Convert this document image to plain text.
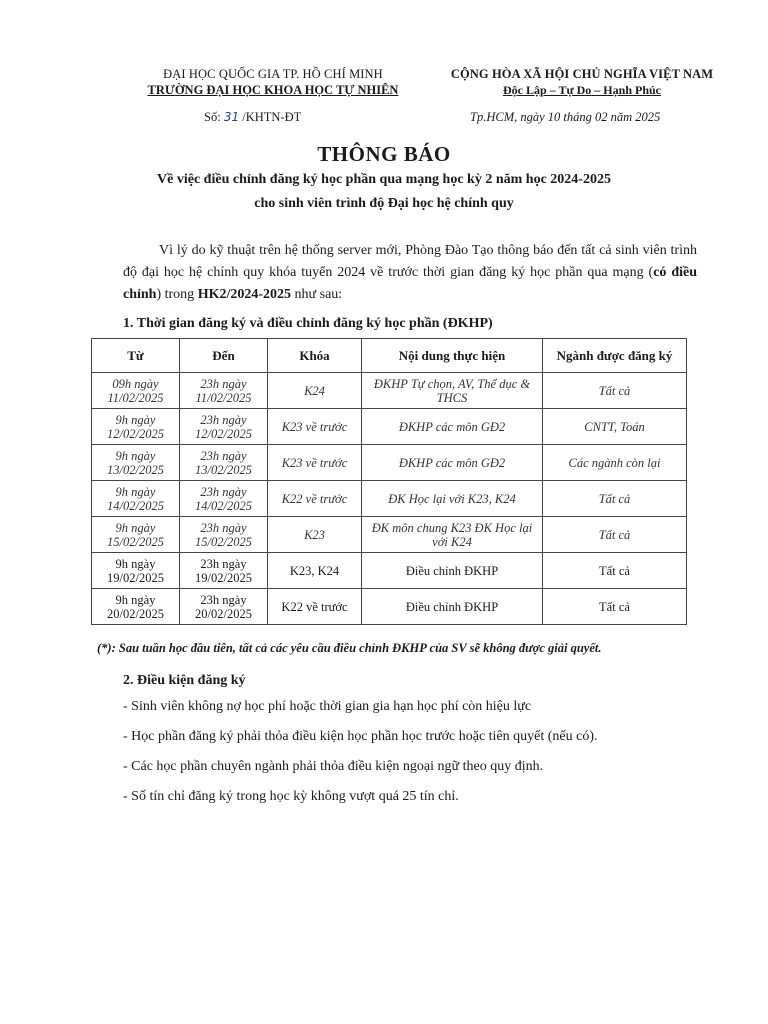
ĐẠI HỌC QUỐC GIA TP. HỒ CHÍ MINH
TRƯỜNG ĐẠI HỌC KHOA HỌC TỰ NHIÊN
CỘNG HÒA XÃ HỘI CHỦ NGHĨA VIỆT NAM
Độc Lập – Tự Do – Hạnh Phúc
Số: 31 /KHTN-ĐT	Tp.HCM, ngày 10 tháng 02 năm 2025
THÔNG BÁO
Về việc điều chỉnh đăng ký học phần qua mạng học kỳ 2 năm học 2024-2025
cho sinh viên trình độ Đại học hệ chính quy
Vì lý do kỹ thuật trên hệ thống server mới, Phòng Đào Tạo thông báo đến tất cả sinh viên trình độ đại học hệ chính quy khóa tuyển 2024 về trước thời gian đăng ký học phần qua mạng (có điều chỉnh) trong HK2/2024-2025 như sau:
1. Thời gian đăng ký và điều chỉnh đăng ký học phần (ĐKHP)
Từ	Đến	Khóa	Nội dung thực hiện	Ngành được đăng ký
09h ngày 11/02/2025	23h ngày 11/02/2025	K24	ĐKHP Tự chọn, AV, Thể dục & THCS	Tất cả
9h ngày 12/02/2025	23h ngày 12/02/2025	K23 về trước	ĐKHP các môn GĐ2	CNTT, Toán
9h ngày 13/02/2025	23h ngày 13/02/2025	K23 về trước	ĐKHP các môn GĐ2	Các ngành còn lại
9h ngày 14/02/2025	23h ngày 14/02/2025	K22 về trước	ĐK Học lại với K23, K24	Tất cả
9h ngày 15/02/2025	23h ngày 15/02/2025	K23	ĐK môn chung K23 ĐK Học lại với K24	Tất cả
9h ngày 19/02/2025	23h ngày 19/02/2025	K23, K24	Điều chỉnh ĐKHP	Tất cả
9h ngày 20/02/2025	23h ngày 20/02/2025	K22 về trước	Điều chỉnh ĐKHP	Tất cả
(*): Sau tuần học đầu tiên, tất cả các yêu cầu điều chỉnh ĐKHP của SV sẽ không được giải quyết.
2. Điều kiện đăng ký
- Sinh viên không nợ học phí hoặc thời gian gia hạn học phí còn hiệu lực
- Học phần đăng ký phải thỏa điều kiện học phần học trước hoặc tiên quyết (nếu có).
- Các học phần chuyên ngành phải thỏa điều kiện ngoại ngữ theo quy định.
- Số tín chỉ đăng ký trong học kỳ không vượt quá 25 tín chỉ.
